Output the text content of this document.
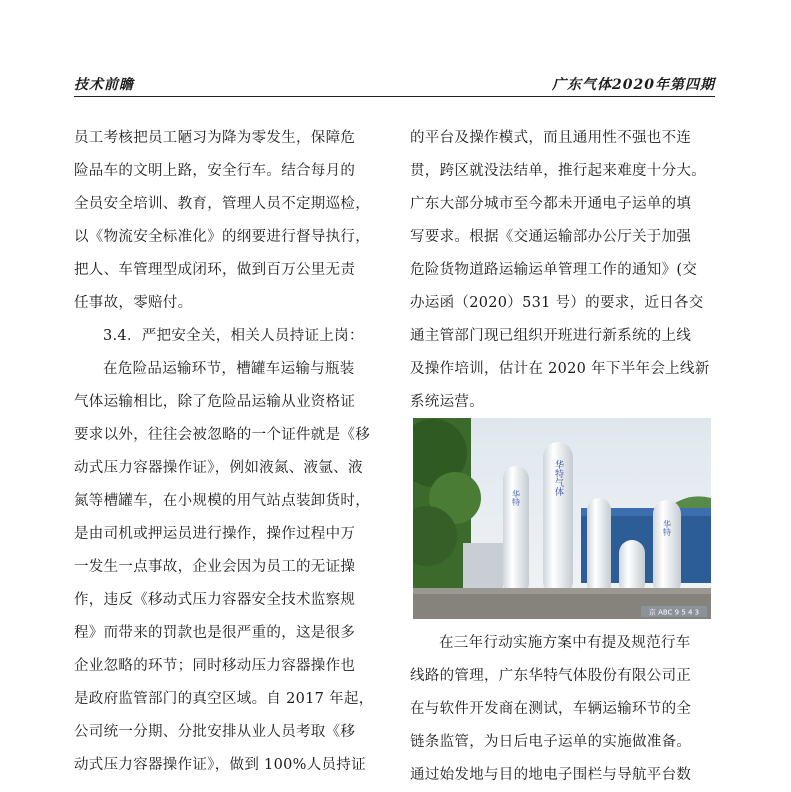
技术前瞻	广东气体2020年第四期
员工考核把员工陋习为降为零发生，保障危
险品车的文明上路，安全行车。结合每月的
全员安全培训、教育，管理人员不定期巡检，
以《物流安全标准化》的纲要进行督导执行，
把人、车管理型成闭环，做到百万公里无责
任事故，零赔付。
3.4．严把安全关，相关人员持证上岗：
在危险品运输环节，槽罐车运输与瓶装
气体运输相比，除了危险品运输从业资格证
要求以外，往往会被忽略的一个证件就是《移
动式压力容器操作证》，例如液氮、液氩、液
氮等槽罐车，在小规模的用气站点装卸货时，
是由司机或押运员进行操作，操作过程中万
一发生一点事故，企业会因为员工的无证操
作，违反《移动式压力容器安全技术监察规
程》而带来的罚款也是很严重的，这是很多
企业忽略的环节；同时移动压力容器操作也
是政府监管部门的真空区域。自 2017 年起，
公司统一分期、分批安排从业人员考取《移
动式压力容器操作证》，做到 100%人员持证
的平台及操作模式，而且通用性不强也不连
贯，跨区就没法结单，推行起来难度十分大。
广东大部分城市至今都未开通电子运单的填
写要求。根据《交通运输部办公厅关于加强
危险货物道路运输运单管理工作的通知》(交
办运函（2020）531 号）的要求，近日各交
通主管部门现已组织开班进行新系统的上线
及操作培训，估计在 2020 年下半年会上线新
系统运营。
华特
华特气体
华特
京 ABC 9 5 4 3
在三年行动实施方案中有提及规范行车
线路的管理，广东华特气体股份有限公司正
在与软件开发商在测试，车辆运输环节的全
链条监管，为日后电子运单的实施做准备。
通过始发地与目的地电子围栏与导航平台数
